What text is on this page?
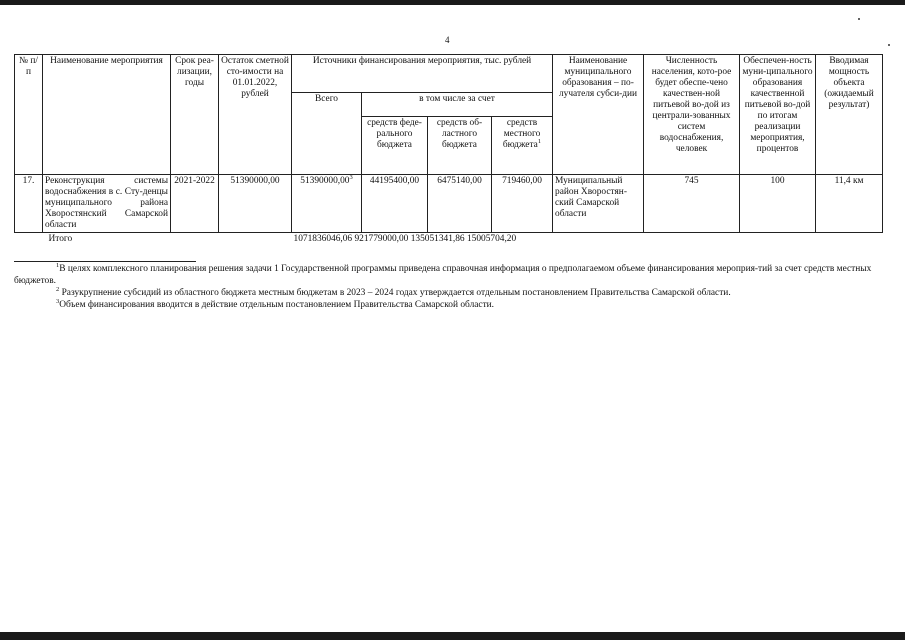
4
№ п/п	Наименование мероприятия	Срок реа-лизации, годы	Остаток сметной сто-имости на 01.01.2022, рублей	Источники финансирования мероприятия, тыс. рублей				Наименование муниципального образования – по-лучателя субси-дии	Численность населения, кото-рое будет обеспе-чено качествен-ной питьевой во-дой из централи-зованных систем водоснабжения, человек	Обеспечен-ность муни-ципального образования качественной питьевой во-дой по итогам реализации мероприятия, процентов	Вводимая мощность объекта (ожидаемый результат)
				Всего	в том числе за счет						
					средств феде-рального бюджета	средств об-ластного бюджета	средств местного бюджета$^1$
17.	Реконструкция системы водоснабжения в с. Сту-денцы муниципального района Хворостянский Самарской области	2021-2022	51390000,00	51390000,00$^3$	44195400,00	6475140,00	719460,00	Муниципальный район Хворостян-ский Самарской области	745	100	11,4 км
Итого				1071836046,06 921779000,00 135051341,86 15005704,20							

$^1$В целях комплексного планирования решения задачи 1 Государственной программы приведена справочная информация о предполагаемом объеме финансирования мероприя-тий за счет средств местных бюджетов.

$^2$ Разукрупнение субсидий из областного бюджета местным бюджетам в 2023 – 2024 годах утверждается отдельным постановлением Правительства Самарской области.

$^3$Объем финансирования вводится в действие отдельным постановлением Правительства Самарской области.
